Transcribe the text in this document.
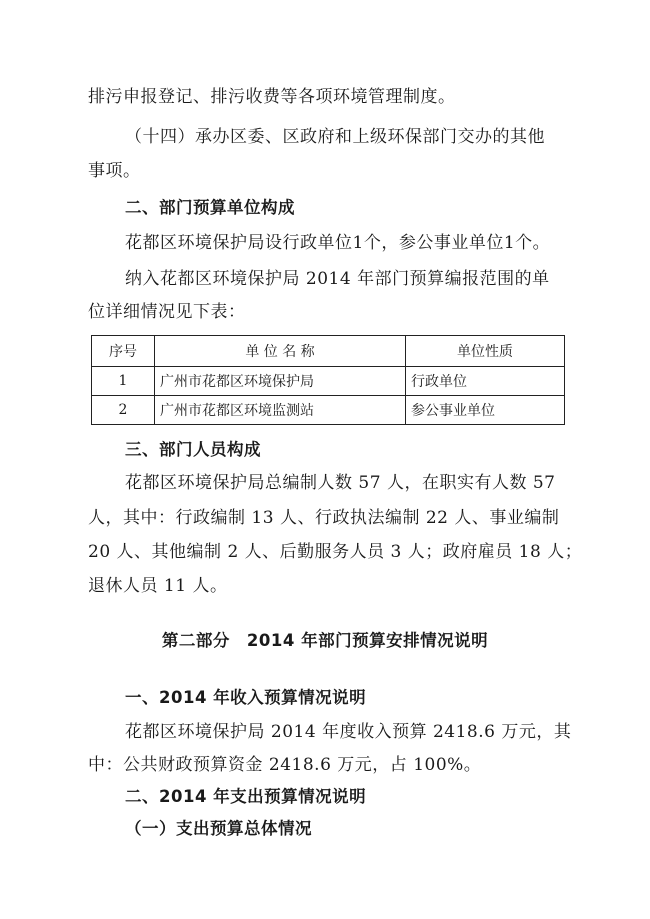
排污申报登记、排污收费等各项环境管理制度。
（十四）承办区委、区政府和上级环保部门交办的其他
事项。
二、部门预算单位构成
花都区环境保护局设行政单位1个，参公事业单位1个。
纳入花都区环境保护局 2014 年部门预算编报范围的单
位详细情况见下表：
序号	单 位 名 称	单位性质
1	广州市花都区环境保护局	行政单位
2	广州市花都区环境监测站	参公事业单位
三、部门人员构成
花都区环境保护局总编制人数 57 人，在职实有人数 57
人，其中：行政编制 13 人、行政执法编制 22 人、事业编制
20 人、其他编制 2 人、后勤服务人员 3 人；政府雇员 18 人；
退休人员 11 人。
第二部分　2014 年部门预算安排情况说明
一、2014 年收入预算情况说明
花都区环境保护局 2014 年度收入预算 2418.6 万元，其
中：公共财政预算资金 2418.6 万元，占 100%。
二、2014 年支出预算情况说明
（一）支出预算总体情况
